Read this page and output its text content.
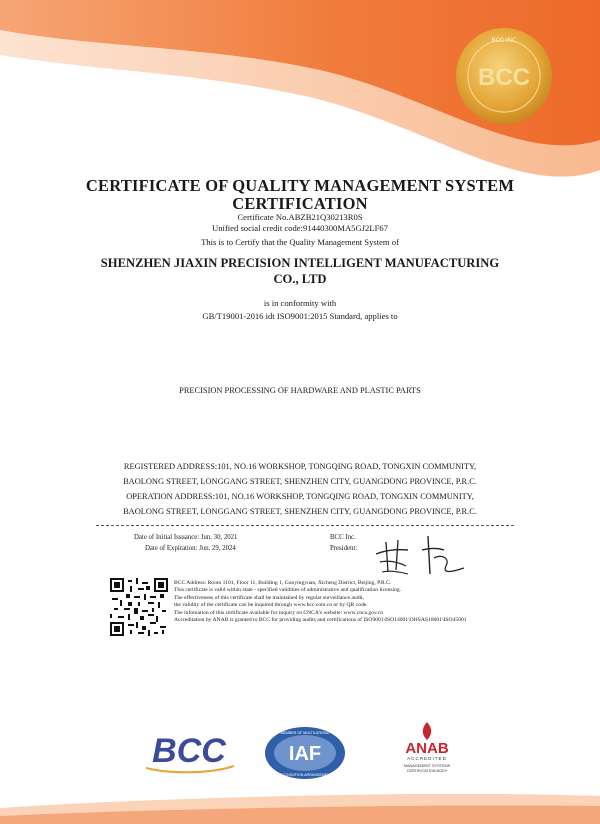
BCC INC
BCC
CERTIFICATE OF QUALITY MANAGEMENT SYSTEM
CERTIFICATION
Certificate No.ABZB21Q30213R0S
Unified social credit code:91440300MA5GJ2LF67
This is to Certify that the Quality Management System of
SHENZHEN JIAXIN PRECISION INTELLIGENT MANUFACTURING
CO., LTD
is in conformity with
GB/T19001-2016 idt ISO9001:2015 Standard, applies to
PRECISION PROCESSING OF HARDWARE AND PLASTIC PARTS
REGISTERED ADDRESS:101, NO.16 WORKSHOP, TONGQING ROAD, TONGXIN COMMUNITY,
BAOLONG STREET, LONGGANG STREET, SHENZHEN CITY, GUANGDONG PROVINCE, P.R.C.
OPERATION ADDRESS:101, NO.16 WORKSHOP, TONGQING ROAD, TONGXIN COMMUNITY,
BAOLONG STREET, LONGGANG STREET, SHENZHEN CITY, GUANGDONG PROVINCE, P.R.C.
Date of Initial Issuance: Jun. 30, 2021
Date of Expiration: Jun. 29, 2024
BCC Inc.
President:
BCC Address: Room 1101, Floor 11, Building 1, Guoyingyuan, Xicheng District, Beijing, P.R.C.
This certificate is valid within state - specified validities of administrative and qualification licensing.
The effectiveness of this certificate shall be maintained by regular surveillance audit,
the validity of the certificate can be inquired through www.bcc.com.cn or by QR code.
The infomation of this certificate available for inquiry on CNCA's website: www.cnca.gov.cn
Accreditation by ANAB is granted to BCC for providing audits and certifications of ISO9001\ISO14001\OHSAS18001\ISO45001
BCC	IAF
MEMBER OF MULTILATERAL
RECOGNITION ARRANGEMENT
ANAB
ACCREDITED
MANAGEMENT SYSTEMS
CERTIFICATION BODY
